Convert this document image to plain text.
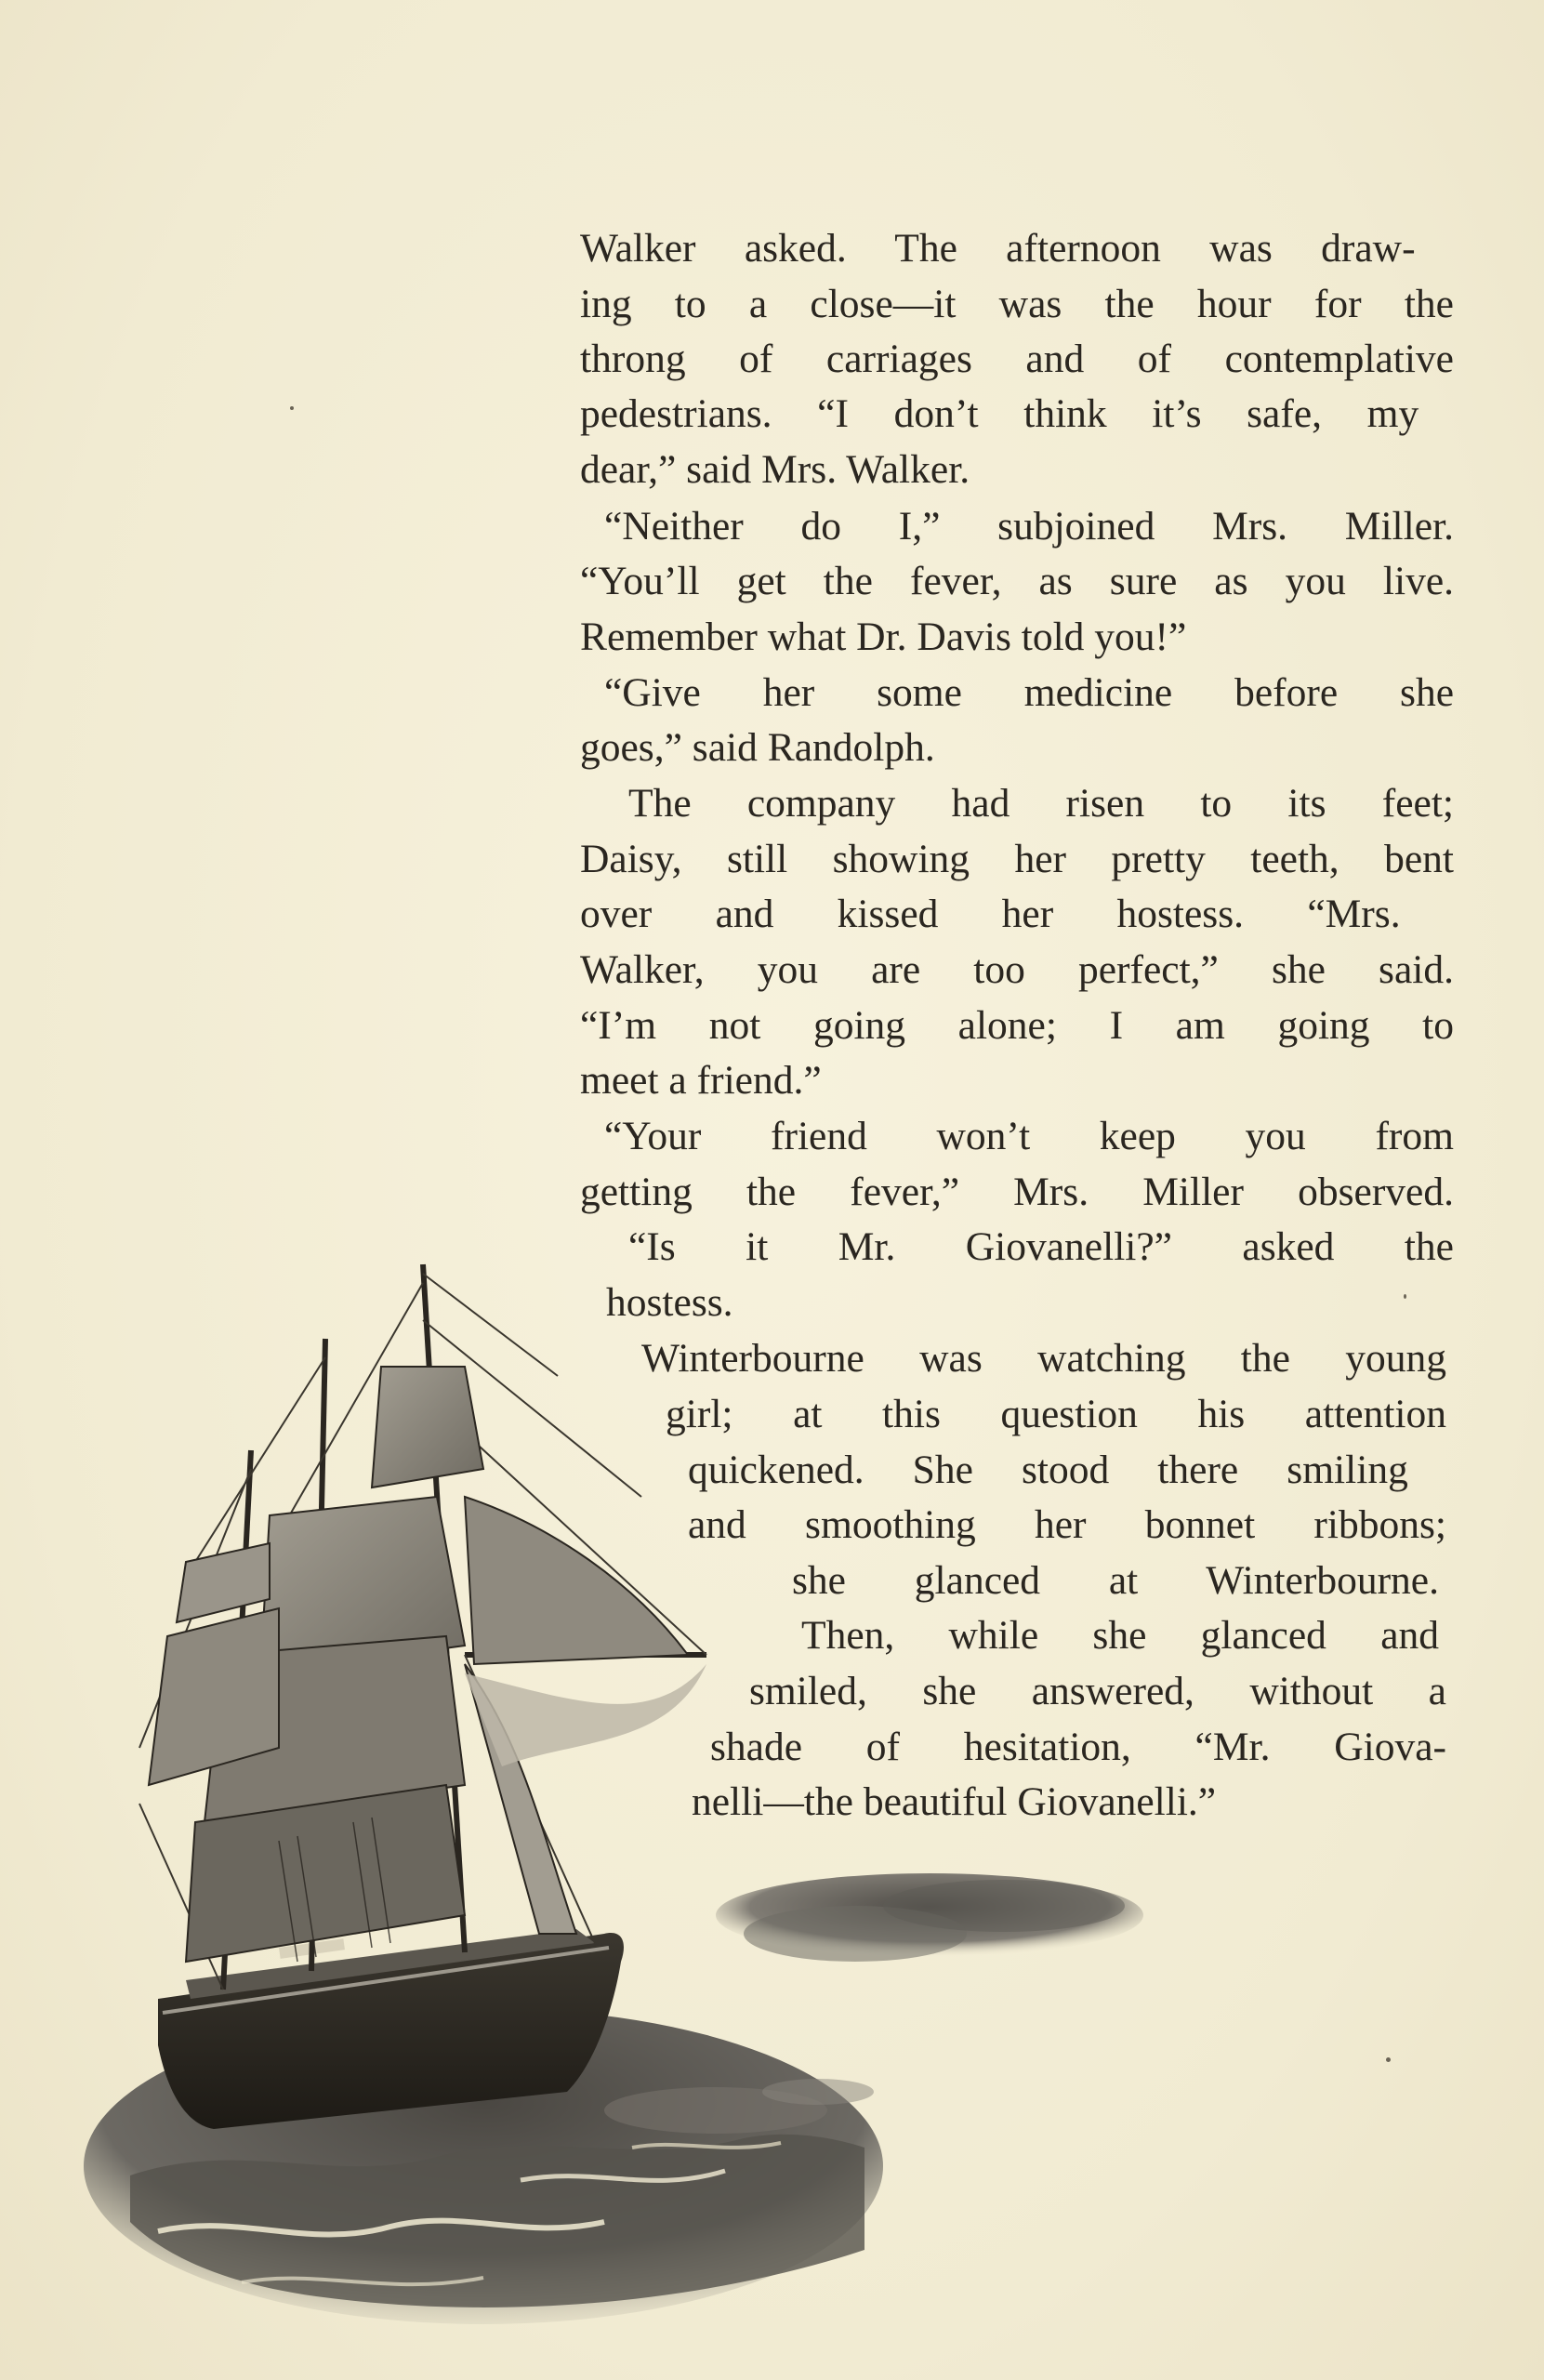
Walker asked. The afternoon was draw-
ing to a close—it was the hour for the
throng of carriages and of contemplative
pedestrians. “I don’t think it’s safe, my
dear,” said Mrs. Walker.
“Neither do I,” subjoined Mrs. Miller.
“You’ll get the fever, as sure as you live.
Remember what Dr. Davis told you!”
“Give her some medicine before she
goes,” said Randolph.
The company had risen to its feet;
Daisy, still showing her pretty teeth, bent
over and kissed her hostess. “Mrs.
Walker, you are too perfect,” she said.
“I’m not going alone; I am going to
meet a friend.”
“Your friend won’t keep you from
getting the fever,” Mrs. Miller observed.
“Is it Mr. Giovanelli?” asked the
hostess.
Winterbourne was watching the young
girl; at this question his attention
quickened. She stood there smiling
and smoothing her bonnet ribbons;
she glanced at Winterbourne.
Then, while she glanced and
smiled, she answered, without a
shade of hesitation, “Mr. Giova-
nelli—the beautiful Giovanelli.”
